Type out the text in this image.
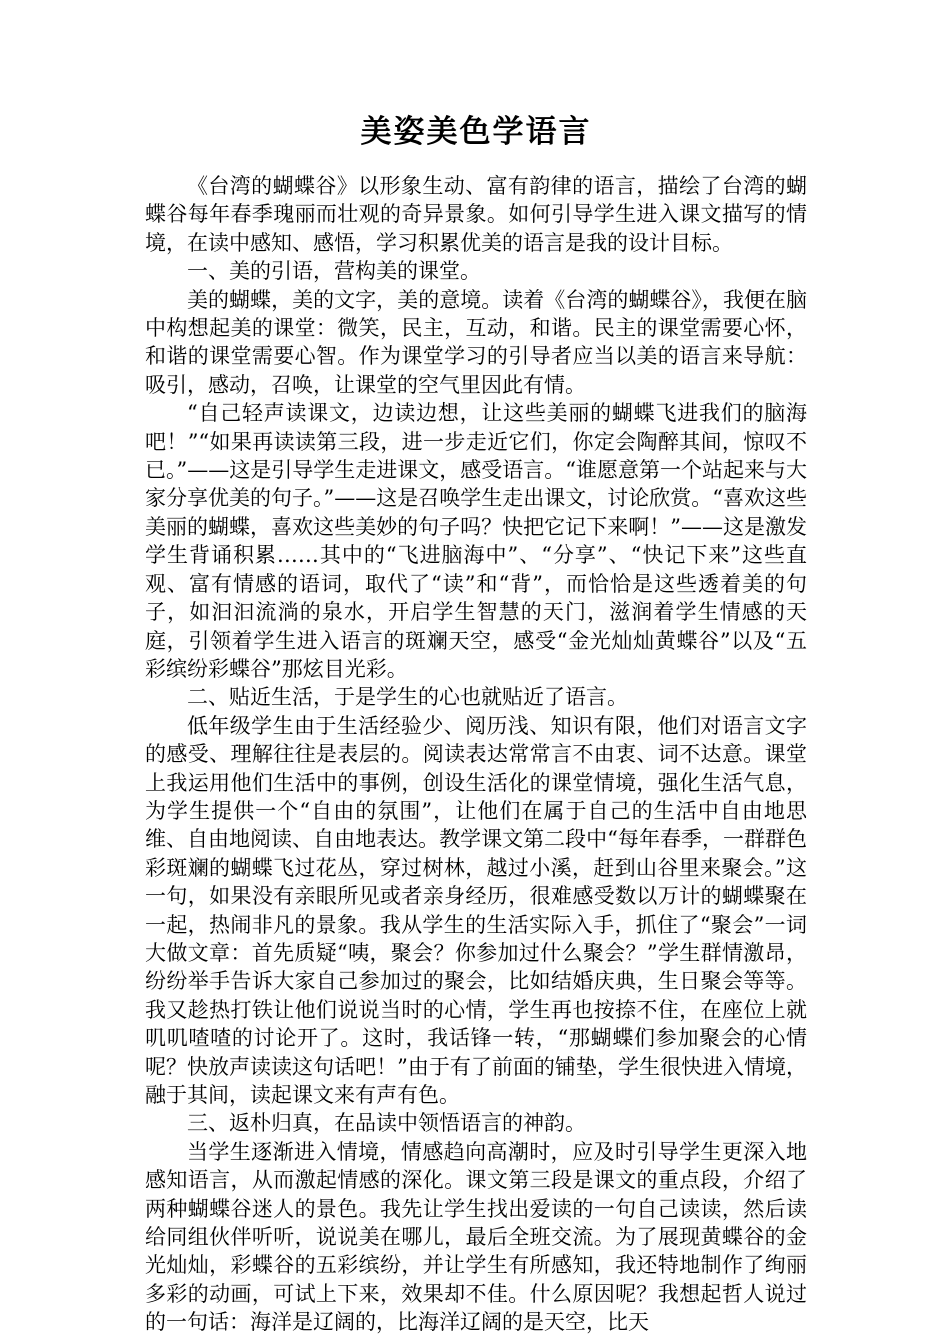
美姿美色学语言

《台湾的蝴蝶谷》以形象生动、富有韵律的语言，描绘了台湾的蝴蝶谷每年春季瑰丽而壮观的奇异景象。如何引导学生进入课文描写的情境，在读中感知、感悟，学习积累优美的语言是我的设计目标。

一、美的引语，营构美的课堂。

美的蝴蝶，美的文字，美的意境。读着《台湾的蝴蝶谷》，我便在脑中构想起美的课堂：微笑，民主，互动，和谐。民主的课堂需要心怀，和谐的课堂需要心智。作为课堂学习的引导者应当以美的语言来导航：吸引，感动，召唤，让课堂的空气里因此有情。

“自己轻声读课文，边读边想，让这些美丽的蝴蝶飞进我们的脑海吧！”“如果再读读第三段，进一步走近它们，你定会陶醉其间，惊叹不已。”——这是引导学生走进课文，感受语言。“谁愿意第一个站起来与大家分享优美的句子。”——这是召唤学生走出课文，讨论欣赏。“喜欢这些美丽的蝴蝶，喜欢这些美妙的句子吗？快把它记下来啊！”——这是激发学生背诵积累……其中的“飞进脑海中”、“分享”、“快记下来”这些直观、富有情感的语词，取代了“读”和“背”，而恰恰是这些透着美的句子，如汩汩流淌的泉水，开启学生智慧的天门，滋润着学生情感的天庭，引领着学生进入语言的斑斓天空，感受“金光灿灿黄蝶谷”以及“五彩缤纷彩蝶谷”那炫目光彩。

二、贴近生活，于是学生的心也就贴近了语言。

低年级学生由于生活经验少、阅历浅、知识有限，他们对语言文字的感受、理解往往是表层的。阅读表达常常言不由衷、词不达意。课堂上我运用他们生活中的事例，创设生活化的课堂情境，强化生活气息，为学生提供一个“自由的氛围”，让他们在属于自己的生活中自由地思维、自由地阅读、自由地表达。教学课文第二段中“每年春季，一群群色彩斑斓的蝴蝶飞过花丛，穿过树林，越过小溪，赶到山谷里来聚会。”这一句，如果没有亲眼所见或者亲身经历，很难感受数以万计的蝴蝶聚在一起，热闹非凡的景象。我从学生的生活实际入手，抓住了“聚会”一词大做文章：首先质疑“咦，聚会？你参加过什么聚会？”学生群情激昂，纷纷举手告诉大家自己参加过的聚会，比如结婚庆典，生日聚会等等。我又趁热打铁让他们说说当时的心情，学生再也按捺不住，在座位上就叽叽喳喳的讨论开了。这时，我话锋一转，“那蝴蝶们参加聚会的心情呢？快放声读读这句话吧！”由于有了前面的铺垫，学生很快进入情境，融于其间，读起课文来有声有色。

三、返朴归真，在品读中领悟语言的神韵。

当学生逐渐进入情境，情感趋向高潮时，应及时引导学生更深入地感知语言，从而激起情感的深化。课文第三段是课文的重点段，介绍了两种蝴蝶谷迷人的景色。我先让学生找出爱读的一句自己读读，然后读给同组伙伴听听，说说美在哪儿，最后全班交流。为了展现黄蝶谷的金光灿灿，彩蝶谷的五彩缤纷，并让学生有所感知，我还特地制作了绚丽多彩的动画，可试上下来，效果却不佳。什么原因呢？我想起哲人说过的一句话：海洋是辽阔的，比海洋辽阔的是天空，比天
